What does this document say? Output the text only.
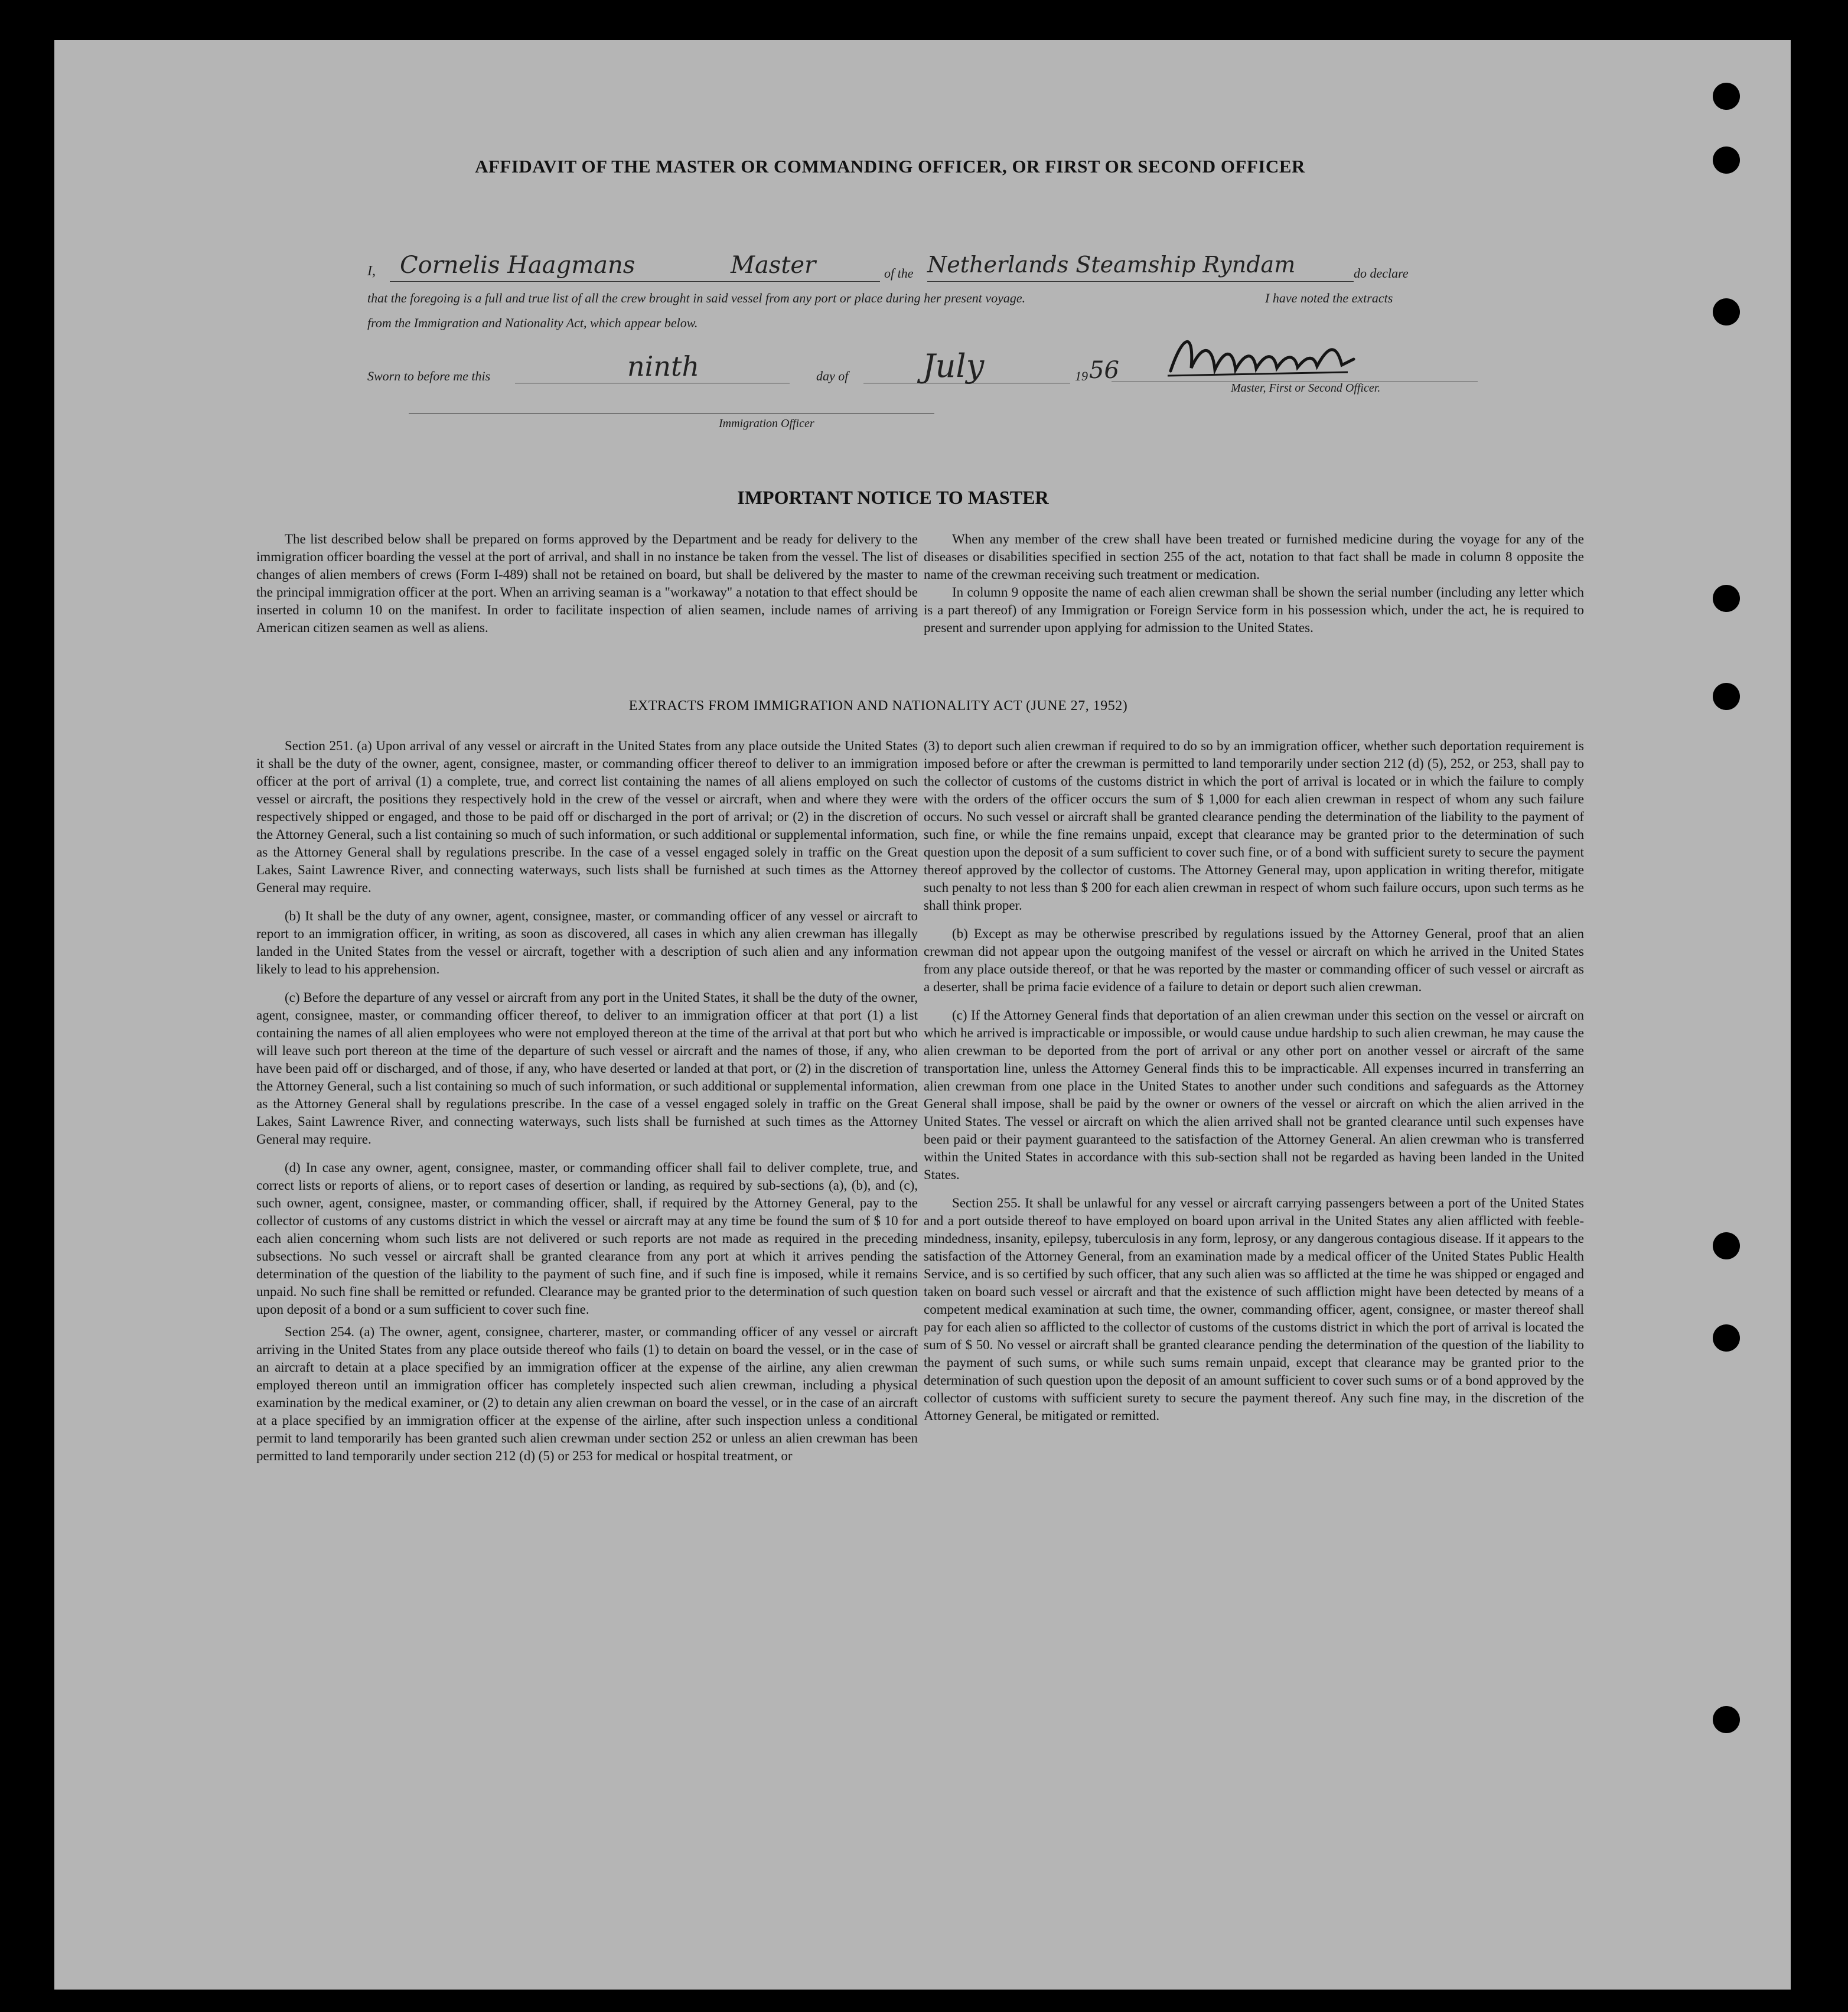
AFFIDAVIT OF THE MASTER OR COMMANDING OFFICER, OR FIRST OR SECOND OFFICER
I, Cornelis Haagmans	Master	of the Netherlands Steamship Ryndam	do declare
that the foregoing is a full and true list of all the crew brought in said vessel from any port or place during her present voyage.	I have noted the extracts
from the Immigration and Nationality Act, which appear below.
Master, First or Second Officer.
Sworn to before me this	ninth	day of July	19 56
Immigration Officer
IMPORTANT NOTICE TO MASTER

The list described below shall be prepared on forms approved by the Department and be ready for delivery to the immigration officer boarding the vessel at the port of arrival, and shall in no instance be taken from the vessel. The list of changes of alien members of crews (Form I-489) shall not be retained on board, but shall be delivered by the master to the principal immigration officer at the port. When an arriving seaman is a "workaway" a notation to that effect should be inserted in column 10 on the manifest. In order to facilitate inspection of alien seamen, include names of arriving American citizen seamen as well as aliens.

When any member of the crew shall have been treated or furnished medicine during the voyage for any of the diseases or disabilities specified in section 255 of the act, notation to that fact shall be made in column 8 opposite the name of the crewman receiving such treatment or medication.

In column 9 opposite the name of each alien crewman shall be shown the serial number (including any letter which is a part thereof) of any Immigration or Foreign Service form in his possession which, under the act, he is required to present and surrender upon applying for admission to the United States.

EXTRACTS FROM IMMIGRATION AND NATIONALITY ACT (JUNE 27, 1952)

Section 251. (a) Upon arrival of any vessel or aircraft in the United States from any place outside the United States it shall be the duty of the owner, agent, consignee, master, or commanding officer thereof to deliver to an immigration officer at the port of arrival (1) a complete, true, and correct list containing the names of all aliens employed on such vessel or aircraft, the positions they respectively hold in the crew of the vessel or aircraft, when and where they were respectively shipped or engaged, and those to be paid off or discharged in the port of arrival; or (2) in the discretion of the Attorney General, such a list containing so much of such information, or such additional or supplemental information, as the Attorney General shall by regulations prescribe. In the case of a vessel engaged solely in traffic on the Great Lakes, Saint Lawrence River, and connecting waterways, such lists shall be furnished at such times as the Attorney General may require.

(b) It shall be the duty of any owner, agent, consignee, master, or commanding officer of any vessel or aircraft to report to an immigration officer, in writing, as soon as discovered, all cases in which any alien crewman has illegally landed in the United States from the vessel or aircraft, together with a description of such alien and any information likely to lead to his apprehension.

(c) Before the departure of any vessel or aircraft from any port in the United States, it shall be the duty of the owner, agent, consignee, master, or commanding officer thereof, to deliver to an immigration officer at that port (1) a list containing the names of all alien employees who were not employed thereon at the time of the arrival at that port but who will leave such port thereon at the time of the departure of such vessel or aircraft and the names of those, if any, who have been paid off or discharged, and of those, if any, who have deserted or landed at that port, or (2) in the discretion of the Attorney General, such a list containing so much of such information, or such additional or supplemental information, as the Attorney General shall by regulations prescribe. In the case of a vessel engaged solely in traffic on the Great Lakes, Saint Lawrence River, and connecting waterways, such lists shall be furnished at such times as the Attorney General may require.

(d) In case any owner, agent, consignee, master, or commanding officer shall fail to deliver complete, true, and correct lists or reports of aliens, or to report cases of desertion or landing, as required by sub-sections (a), (b), and (c), such owner, agent, consignee, master, or commanding officer, shall, if required by the Attorney General, pay to the collector of customs of any customs district in which the vessel or aircraft may at any time be found the sum of $ 10 for each alien concerning whom such lists are not delivered or such reports are not made as required in the preceding subsections. No such vessel or aircraft shall be granted clearance from any port at which it arrives pending the determination of the question of the liability to the payment of such fine, and if such fine is imposed, while it remains unpaid. No such fine shall be remitted or refunded. Clearance may be granted prior to the determination of such question upon deposit of a bond or a sum sufficient to cover such fine.

Section 254. (a) The owner, agent, consignee, charterer, master, or commanding officer of any vessel or aircraft arriving in the United States from any place outside thereof who fails (1) to detain on board the vessel, or in the case of an aircraft to detain at a place specified by an immigration officer at the expense of the airline, any alien crewman employed thereon until an immigration officer has completely inspected such alien crewman, including a physical examination by the medical examiner, or (2) to detain any alien crewman on board the vessel, or in the case of an aircraft at a place specified by an immigration officer at the expense of the airline, after such inspection unless a conditional permit to land temporarily has been granted such alien crewman under section 252 or unless an alien crewman has been permitted to land temporarily under section 212 (d) (5) or 253 for medical or hospital treatment, or

(3) to deport such alien crewman if required to do so by an immigration officer, whether such deportation requirement is imposed before or after the crewman is permitted to land temporarily under section 212 (d) (5), 252, or 253, shall pay to the collector of customs of the customs district in which the port of arrival is located or in which the failure to comply with the orders of the officer occurs the sum of $ 1,000 for each alien crewman in respect of whom any such failure occurs. No such vessel or aircraft shall be granted clearance pending the determination of the liability to the payment of such fine, or while the fine remains unpaid, except that clearance may be granted prior to the determination of such question upon the deposit of a sum sufficient to cover such fine, or of a bond with sufficient surety to secure the payment thereof approved by the collector of customs. The Attorney General may, upon application in writing therefor, mitigate such penalty to not less than $ 200 for each alien crewman in respect of whom such failure occurs, upon such terms as he shall think proper.

(b) Except as may be otherwise prescribed by regulations issued by the Attorney General, proof that an alien crewman did not appear upon the outgoing manifest of the vessel or aircraft on which he arrived in the United States from any place outside thereof, or that he was reported by the master or commanding officer of such vessel or aircraft as a deserter, shall be prima facie evidence of a failure to detain or deport such alien crewman.

(c) If the Attorney General finds that deportation of an alien crewman under this section on the vessel or aircraft on which he arrived is impracticable or impossible, or would cause undue hardship to such alien crewman, he may cause the alien crewman to be deported from the port of arrival or any other port on another vessel or aircraft of the same transportation line, unless the Attorney General finds this to be impracticable. All expenses incurred in transferring an alien crewman from one place in the United States to another under such conditions and safeguards as the Attorney General shall impose, shall be paid by the owner or owners of the vessel or aircraft on which the alien arrived in the United States. The vessel or aircraft on which the alien arrived shall not be granted clearance until such expenses have been paid or their payment guaranteed to the satisfaction of the Attorney General. An alien crewman who is transferred within the United States in accordance with this sub-section shall not be regarded as having been landed in the United States.

Section 255. It shall be unlawful for any vessel or aircraft carrying passengers between a port of the United States and a port outside thereof to have employed on board upon arrival in the United States any alien afflicted with feeble-mindedness, insanity, epilepsy, tuberculosis in any form, leprosy, or any dangerous contagious disease. If it appears to the satisfaction of the Attorney General, from an examination made by a medical officer of the United States Public Health Service, and is so certified by such officer, that any such alien was so afflicted at the time he was shipped or engaged and taken on board such vessel or aircraft and that the existence of such affliction might have been detected by means of a competent medical examination at such time, the owner, commanding officer, agent, consignee, or master thereof shall pay for each alien so afflicted to the collector of customs of the customs district in which the port of arrival is located the sum of $ 50. No vessel or aircraft shall be granted clearance pending the determination of the question of the liability to the payment of such sums, or while such sums remain unpaid, except that clearance may be granted prior to the determination of such question upon the deposit of an amount sufficient to cover such sums or of a bond approved by the collector of customs with sufficient surety to secure the payment thereof. Any such fine may, in the discretion of the Attorney General, be mitigated or remitted.
